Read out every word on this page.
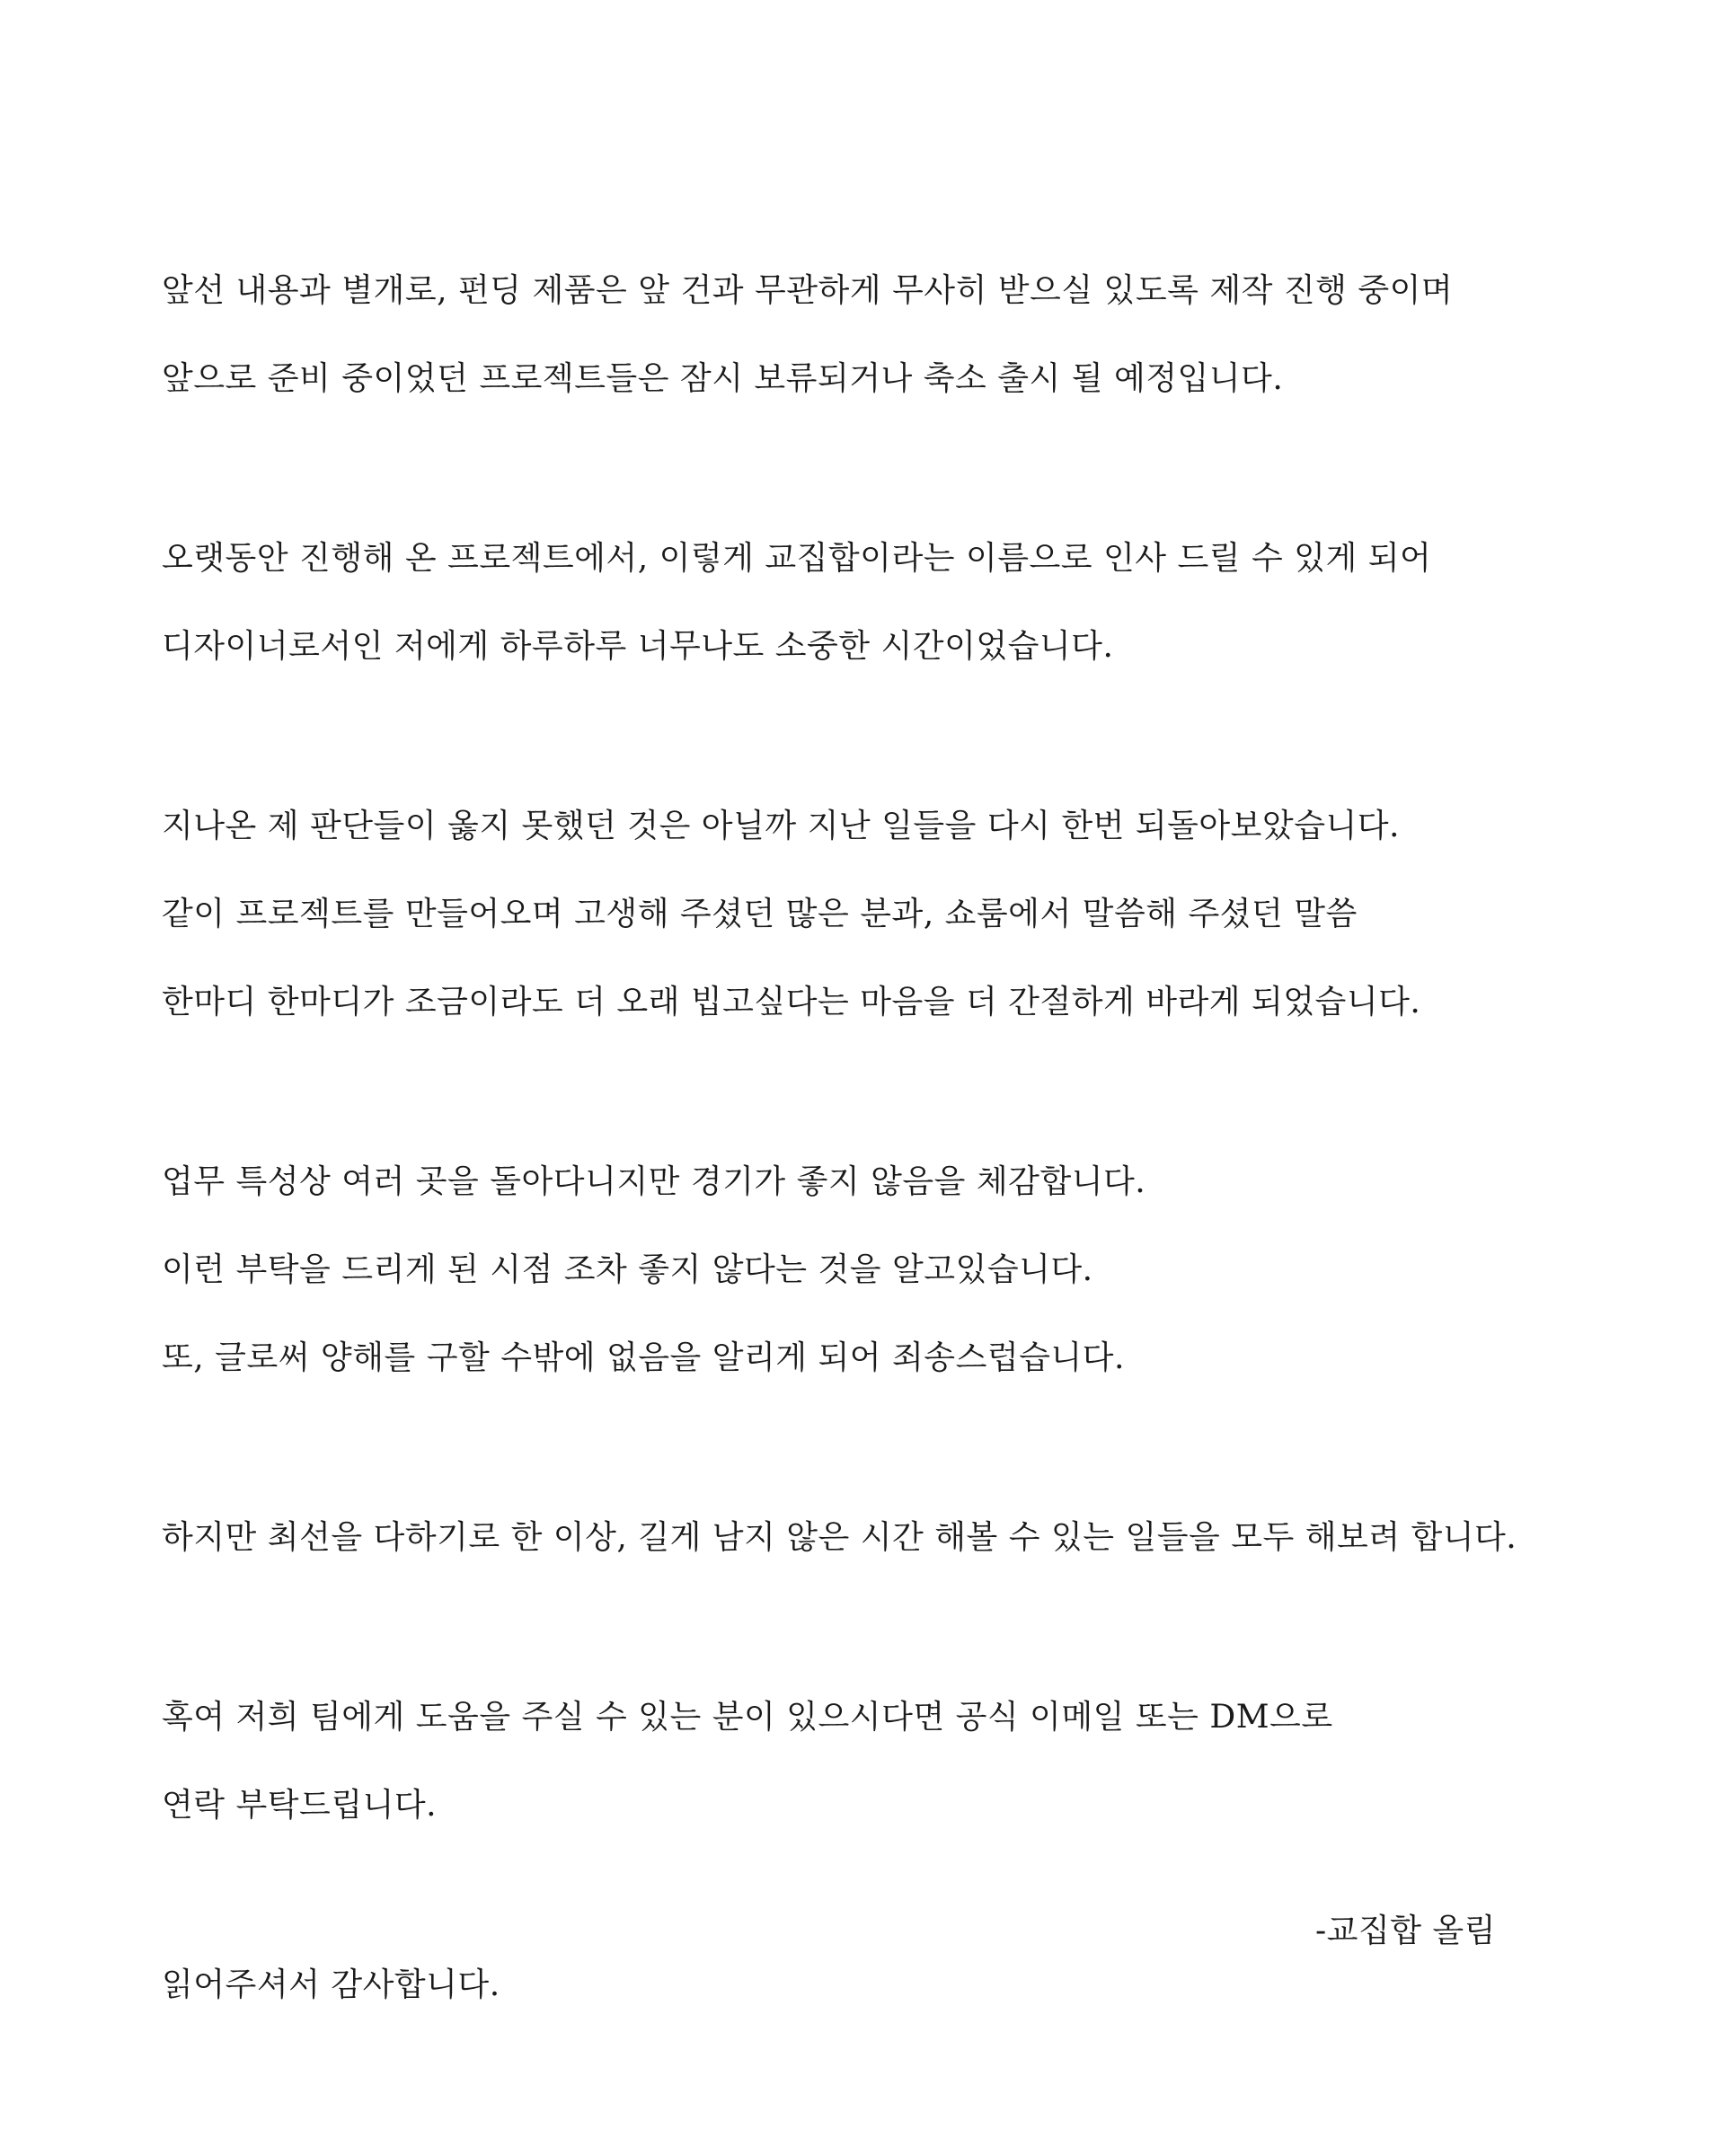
앞선 내용과 별개로, 펀딩 제품은 앞 건과 무관하게 무사히 받으실 있도록 제작 진행 중이며
앞으로 준비 중이었던 프로젝트들은 잠시 보류되거나 축소 출시 될 예정입니다.
오랫동안 진행해 온 프로젝트에서, 이렇게 교집합이라는 이름으로 인사 드릴 수 있게 되어
디자이너로서인 저에게 하루하루 너무나도 소중한 시간이었습니다.
지나온 제 판단들이 옳지 못했던 것은 아닐까 지난 일들을 다시 한번 되돌아보았습니다.
같이 프로젝트를 만들어오며 고생해 주셨던 많은 분과, 쇼룸에서 말씀해 주셨던 말씀
한마디 한마디가 조금이라도 더 오래 빕고싶다는 마음을 더 간절하게 바라게 되었습니다.
업무 특성상 여러 곳을 돌아다니지만 경기가 좋지 않음을 체감합니다.
이런 부탁을 드리게 된 시점 조차 좋지 않다는 것을 알고있습니다.
또, 글로써 양해를 구할 수밖에 없음을 알리게 되어 죄송스럽습니다.
하지만 최선을 다하기로 한 이상, 길게 남지 않은 시간 해볼 수 있는 일들을 모두 해보려 합니다.
혹여 저희 팀에게 도움을 주실 수 있는 분이 있으시다면 공식 이메일 또는 DM으로
연락 부탁드립니다.
읽어주셔서 감사합니다.
-교집합 올림
